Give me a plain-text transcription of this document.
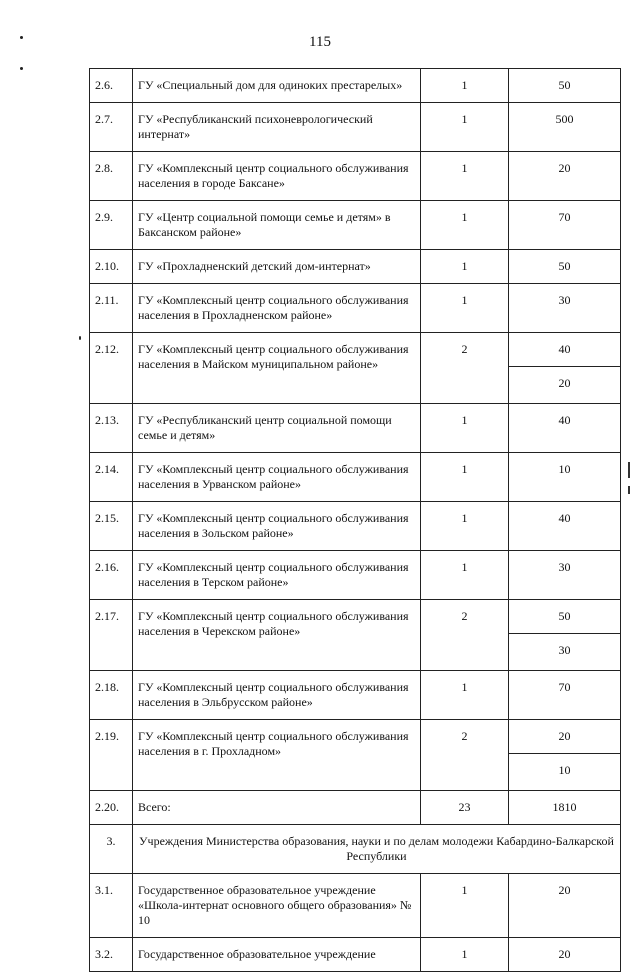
115
2.6.	ГУ «Специальный дом для одиноких престарелых»	1	50
2.7.	ГУ «Республиканский психоневрологический интернат»	1	500
2.8.	ГУ «Комплексный центр социального обслуживания населения в городе Баксане»	1	20
2.9.	ГУ «Центр социальной помощи семье и детям» в Баксанском районе»	1	70
2.10.	ГУ «Прохладненский детский дом-интернат»	1	50
2.11.	ГУ «Комплексный центр социального обслуживания населения в Прохладненском районе»	1	30
2.12.	ГУ «Комплексный центр социального обслуживания населения в Майском муниципальном районе»	2	40
			20
2.13.	ГУ «Республиканский центр социальной помощи семье и детям»	1	40
2.14.	ГУ «Комплексный центр социального обслуживания населения в Урванском районе»	1	10
2.15.	ГУ «Комплексный центр социального обслуживания населения в Зольском районе»	1	40
2.16.	ГУ «Комплексный центр социального обслуживания населения в Терском районе»	1	30
2.17.	ГУ «Комплексный центр социального обслуживания населения в Черекском районе»	2	50
			30
2.18.	ГУ «Комплексный центр социального обслуживания населения в Эльбрусском районе»	1	70
2.19.	ГУ «Комплексный центр социального обслуживания населения в г. Прохладном»	2	20
			10
2.20.	Всего:	23	1810
3.	Учреждения Министерства образования, науки и по делам молодежи Кабардино-Балкарской Республики		
3.1.	Государственное образовательное учреждение «Школа-интернат основного общего образования» № 10	1	20
3.2.	Государственное образовательное учреждение	1	20
